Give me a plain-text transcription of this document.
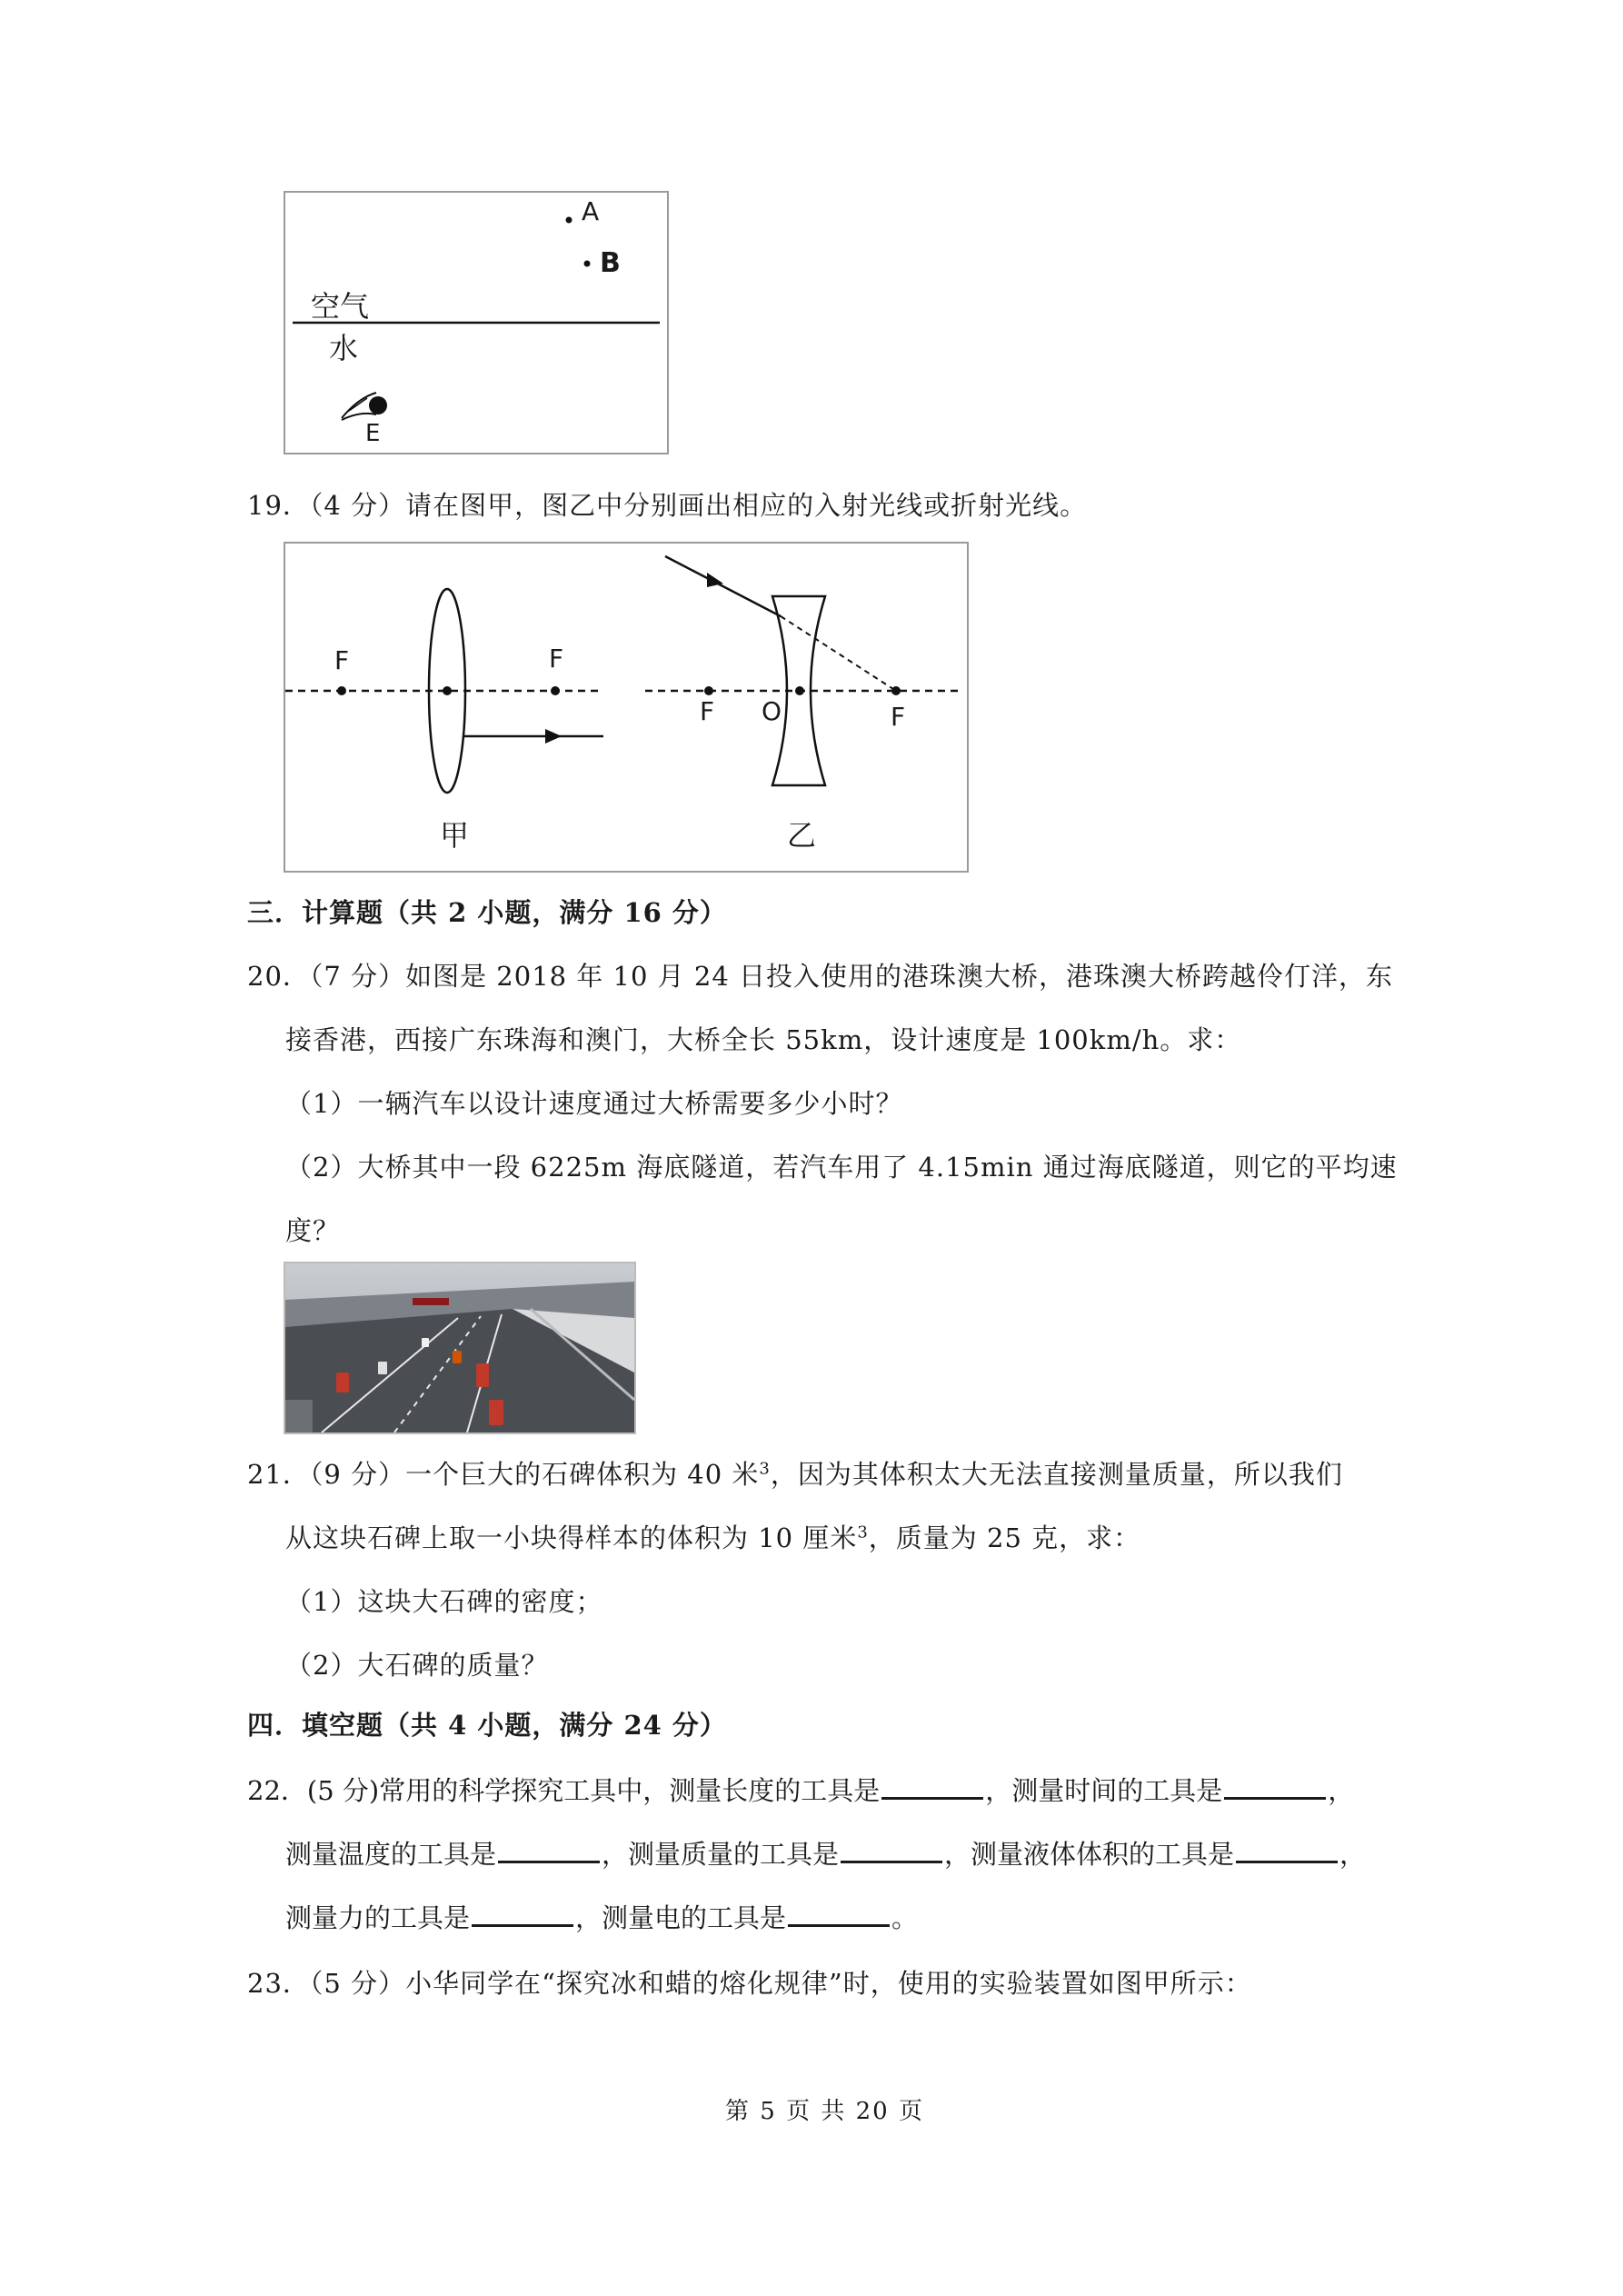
A
B
空气
水
E
19．（4 分）请在图甲，图乙中分别画出相应的入射光线或折射光线。
F	F
F O	F
甲	乙
三．计算题（共 2 小题，满分 16 分）
20．（7 分）如图是 2018 年 10 月 24 日投入使用的港珠澳大桥，港珠澳大桥跨越伶仃洋，东
接香港，西接广东珠海和澳门，大桥全长 55km，设计速度是 100km/h。求：
（1）一辆汽车以设计速度通过大桥需要多少小时？
（2）大桥其中一段 6225m 海底隧道，若汽车用了 4.15min 通过海底隧道，则它的平均速
度？
21．（9 分）一个巨大的石碑体积为 40 米$^3$，因为其体积太大无法直接测量质量，所以我们
从这块石碑上取一小块得样本的体积为 10 厘米$^3$，质量为 25 克，求：
（1）这块大石碑的密度；
（2）大石碑的质量？
四．填空题（共 4 小题，满分 24 分）
22．(5 分)常用的科学探究工具中，测量长度的工具是	，测量时间的工具是	，
测量温度的工具是	，测量质量的工具是	，测量液体体积的工具是	，
测量力的工具是	，测量电的工具是	。
23．（5 分）小华同学在“探究冰和蜡的熔化规律”时，使用的实验装置如图甲所示：
第 5 页 共 20 页
